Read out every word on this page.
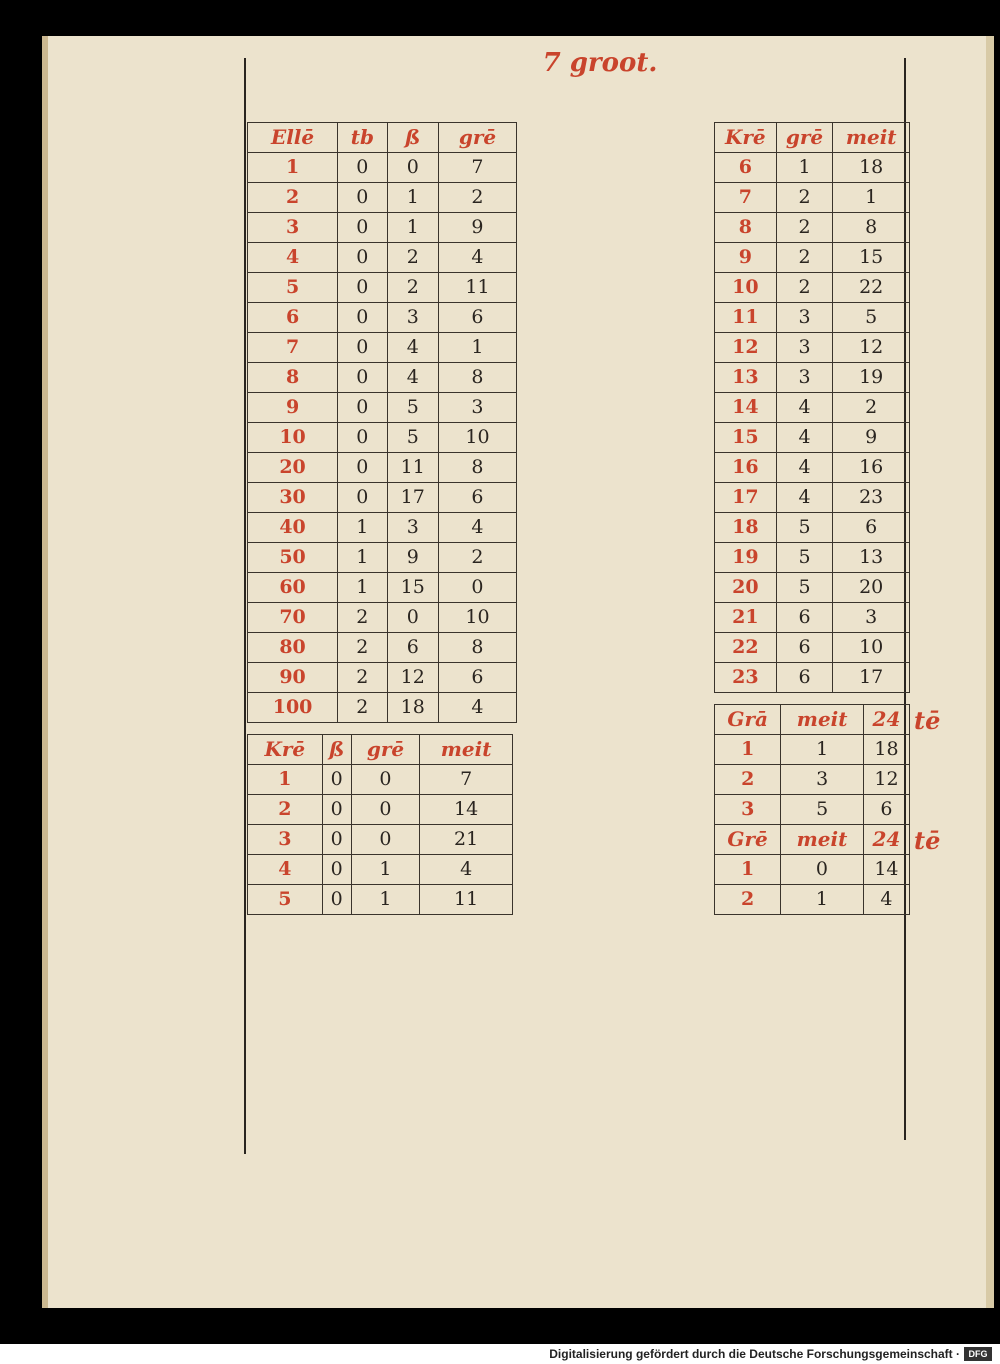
7 groot.
Ellē	tb	ß	grē
1	0	0	7
2	0	1	2
3	0	1	9
4	0	2	4
5	0	2	11
6	0	3	6
7	0	4	1
8	0	4	8
9	0	5	3
10	0	5	10
20	0	11	8
30	0	17	6
40	1	3	4
50	1	9	2
60	1	15	0
70	2	0	10
80	2	6	8
90	2	12	6
100	2	18	4
Krē	ß	grē	meit
1	0	0	7
2	0	0	14
3	0	0	21
4	0	1	4
5	0	1	11
Krē	grē	meit
6	1	18
7	2	1
8	2	8
9	2	15
10	2	22
11	3	5
12	3	12
13	3	19
14	4	2
15	4	9
16	4	16
17	4	23
18	5	6
19	5	13
20	5	20
21	6	3
22	6	10
23	6	17
Grā	meit	24
1	1	18
2	3	12
3	5	6
Grē	meit	24
1	0	14
2	1	4
tē
tē
Digitalisierung gefördert durch die Deutsche Forschungsgemeinschaft · DFG
